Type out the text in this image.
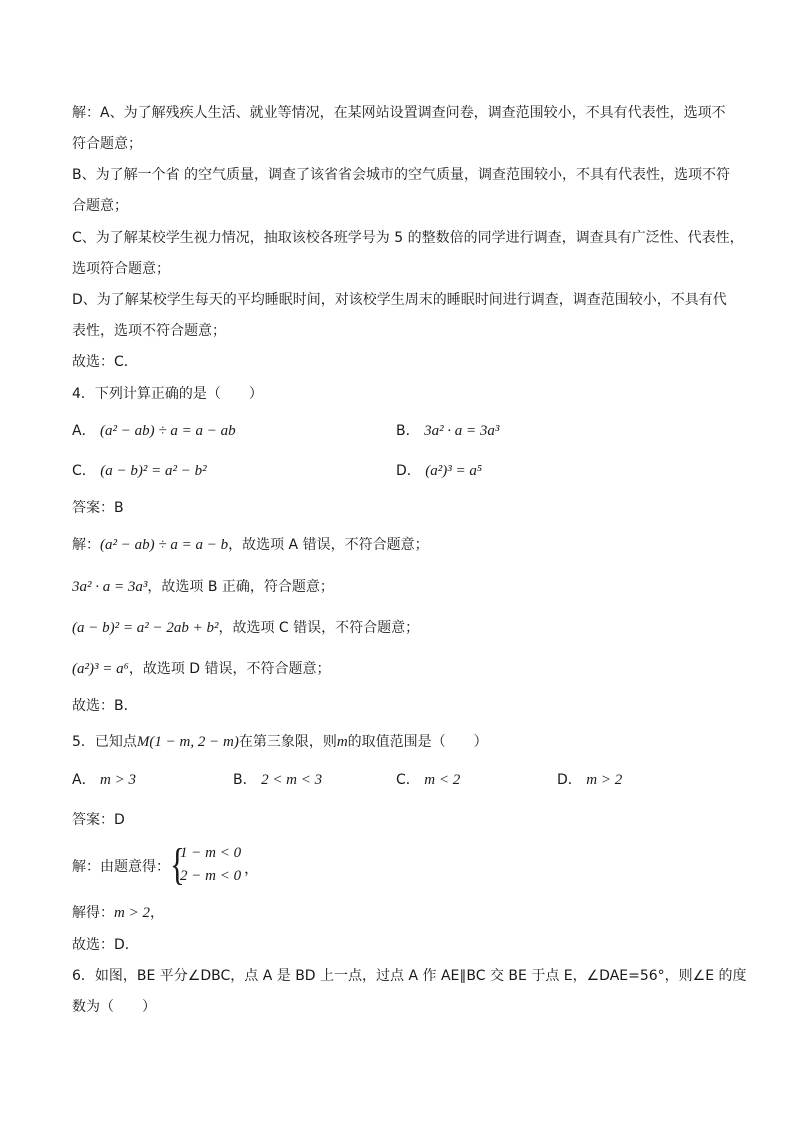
解：A、为了解残疾人生活、就业等情况，在某网站设置调查问卷，调查范围较小，不具有代表性，选项不
符合题意；
B、为了解一个省 的空气质量，调查了该省省会城市的空气质量，调查范围较小，不具有代表性，选项不符
合题意；
C、为了解某校学生视力情况，抽取该校各班学号为 5 的整数倍的同学进行调查，调查具有广泛性、代表性，
选项符合题意；
D、为了解某校学生每天的平均睡眠时间，对该校学生周末的睡眠时间进行调查，调查范围较小，不具有代
表性，选项不符合题意；
故选：C．
4．下列计算正确的是（　　）
A． (a² − ab) ÷ a = a − ab	B． 3a² · a = 3a³
C． (a − b)² = a² − b²	D． (a²)³ = a⁵
答案：B
解：(a² − ab) ÷ a = a − b，故选项 A 错误，不符合题意；
3a² · a = 3a³，故选项 B 正确，符合题意；
(a − b)² = a² − 2ab + b²，故选项 C 错误，不符合题意；
(a²)³ = a⁶，故选项 D 错误，不符合题意；
故选：B．
5．已知点M(1 − m, 2 − m)在第三象限，则m的取值范围是（　　）
A． m > 3	B． 2 < m < 3	C． m < 2	D． m > 2
答案：D
解：由题意得： {
1 − m < 0
2 − m < 0 ，
解得：m > 2，
故选：D．
6．如图，BE 平分∠DBC，点 A 是 BD 上一点，过点 A 作 AE∥BC 交 BE 于点 E，∠DAE=56°，则∠E 的度
数为（　　）
